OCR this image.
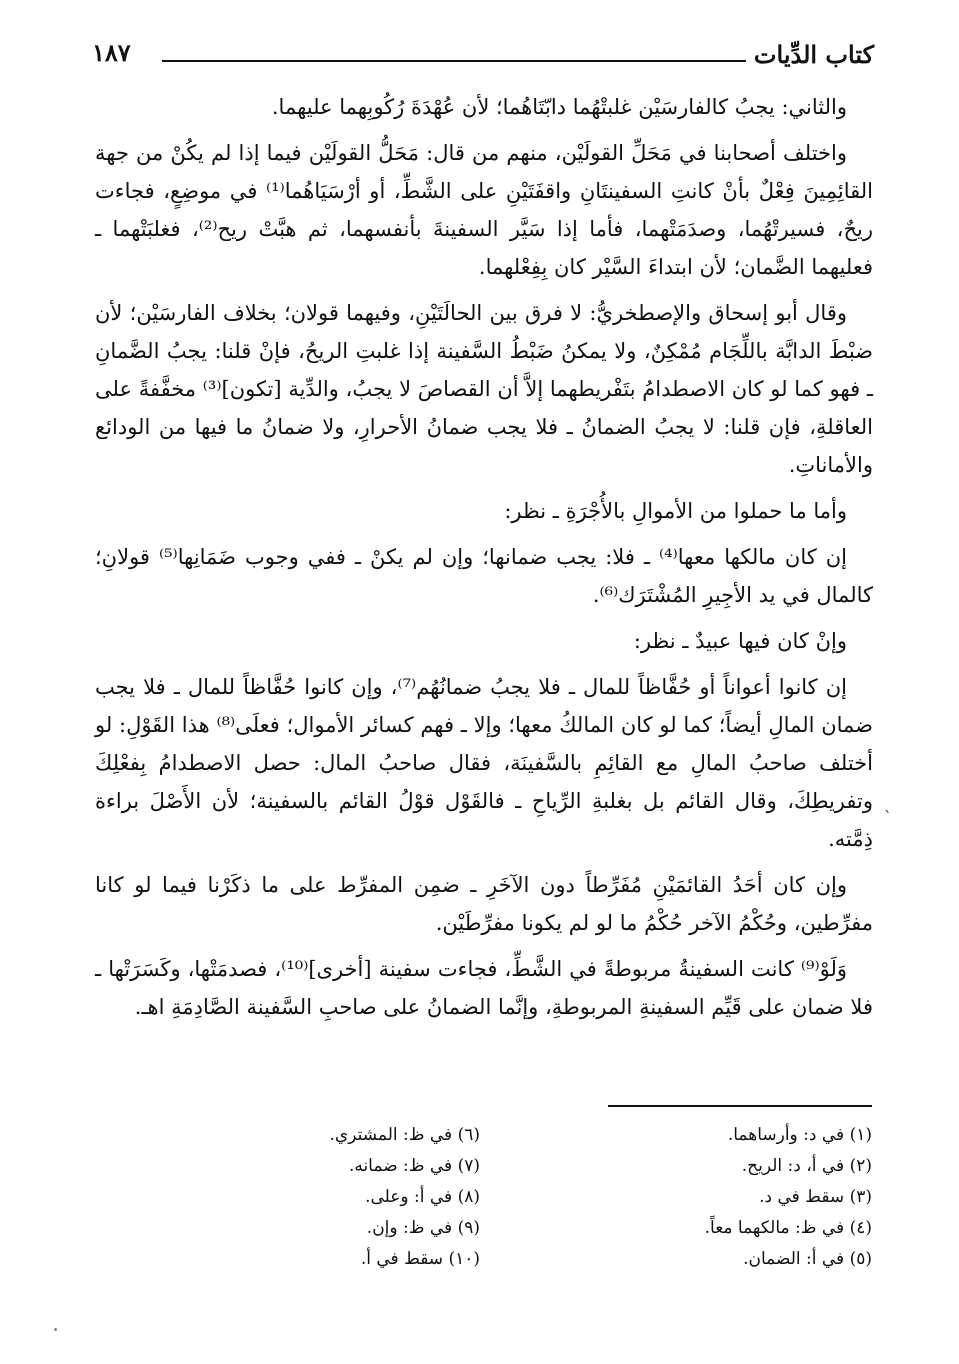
كتاب الدِّيات
١٨٧

والثاني: يجبُ كالفارسَيْن غلبتْهُما دابّتَاهُما؛ لأن عُهْدَةَ رُكُوبِهما عليهما.

واختلف أصحابنا في مَحَلِّ القولَيْن، منهم من قال: مَحَلُّ القولَيْن فيما إذا لم يكُنْ من جهة القائِمِينَ فِعْلٌ بأنْ كانتِ السفينتَانِ واقفَتَيْنِ على الشَّطِّ، أو أرْسَيَاهُما⁽¹⁾ في موضِعٍ، فجاءت ريحٌ، فسيرتْهُما، وصدَمَتْهما، فأما إذا سَيَّر السفينةَ بأنفسهما، ثم هبَّتْ ريح⁽²⁾، فغلبَتْهما ـ فعليهما الضَّمان؛ لأن ابتداءَ السَّيْر كان بِفِعْلهما.

وقال أبو إسحاق والإصطخريُّ: لا فرق بين الحالَتَيْنِ، وفيهما قولان؛ بخلاف الفارسَيْن؛ لأن ضبْطَ الدابَّة باللِّجَام مُمْكِنٌ، ولا يمكنُ ضَبْطُ السَّفينة إذا غلبتِ الريحُ، فإنْ قلنا: يجبُ الضَّمانِ ـ فهو كما لو كان الاصطدامُ بتَفْريطهما إلاَّ أن القصاصَ لا يجبُ، والدِّية [تكون]⁽³⁾ مخفَّفةً على العاقلةِ، فإن قلنا: لا يجبُ الضمانُ ـ فلا يجب ضمانُ الأحرارِ، ولا ضمانُ ما فيها من الودائع والأماناتِ.

وأما ما حملوا من الأموالِ بالأُجْرَةِ ـ نظر:

إن كان مالكها معها⁽⁴⁾ ـ فلا: يجب ضمانها؛ وإن لم يكنْ ـ ففي وجوب ضَمَانِها⁽⁵⁾ قولانِ؛ كالمال في يد الأجِيرِ المُشْتَرَك⁽⁶⁾.

وإنْ كان فيها عبيدٌ ـ نظر:

إن كانوا أعواناً أو حُفَّاظاً للمال ـ فلا يجبُ ضمانُهُم⁽⁷⁾، وإن كانوا حُفَّاظاً للمال ـ فلا يجب ضمان المالِ أيضاً؛ كما لو كان المالكُ معها؛ وإلا ـ فهم كسائر الأموال؛ فعلَى⁽⁸⁾ هذا القَوْلِ: لو أختلف صاحبُ المالِ مع القائِمِ بالسَّفينَة، فقال صاحبُ المال: حصل الاصطدامُ بِفعْلِكَ وتفريطِكَ، وقال القائم بل بغلبةِ الرِّياحِ ـ فالقَوْل قوْلُ القائم بالسفينة؛ لأن الأَصْلَ براءة ذِمَّته.

وإن كان أحَدُ القائمَيْنِ مُفَرِّطاً دون الآخَرِ ـ ضمِن المفرِّط على ما ذكَرْنا فيما لو كانا مفرِّطين، وحُكْمُ الآخر حُكْمُ ما لو لم يكونا مفرِّطَيْن.

وَلَوْ⁽⁹⁾ كانت السفينةُ مربوطةً في الشَّطِّ، فجاءت سفينة [أخرى]⁽¹⁰⁾، فصدمَتْها، وكَسَرَتْها ـ فلا ضمان على قَيِّم السفينةِ المربوطةِ، وإنَّما الضمانُ على صاحبِ السَّفينة الصَّادِمَةِ اهـ.

ˋ
(١) في د: وأرساهما.
(٢) في أ، د: الريح.
(٣) سقط في د.
(٤) في ظ: مالكهما معاً.
(٥) في أ: الضمان.
(٦) في ظ: المشتري.
(٧) في ظ: ضمانه.
(٨) في أ: وعلى.
(٩) في ظ: وإن.
(١٠) سقط في أ.
